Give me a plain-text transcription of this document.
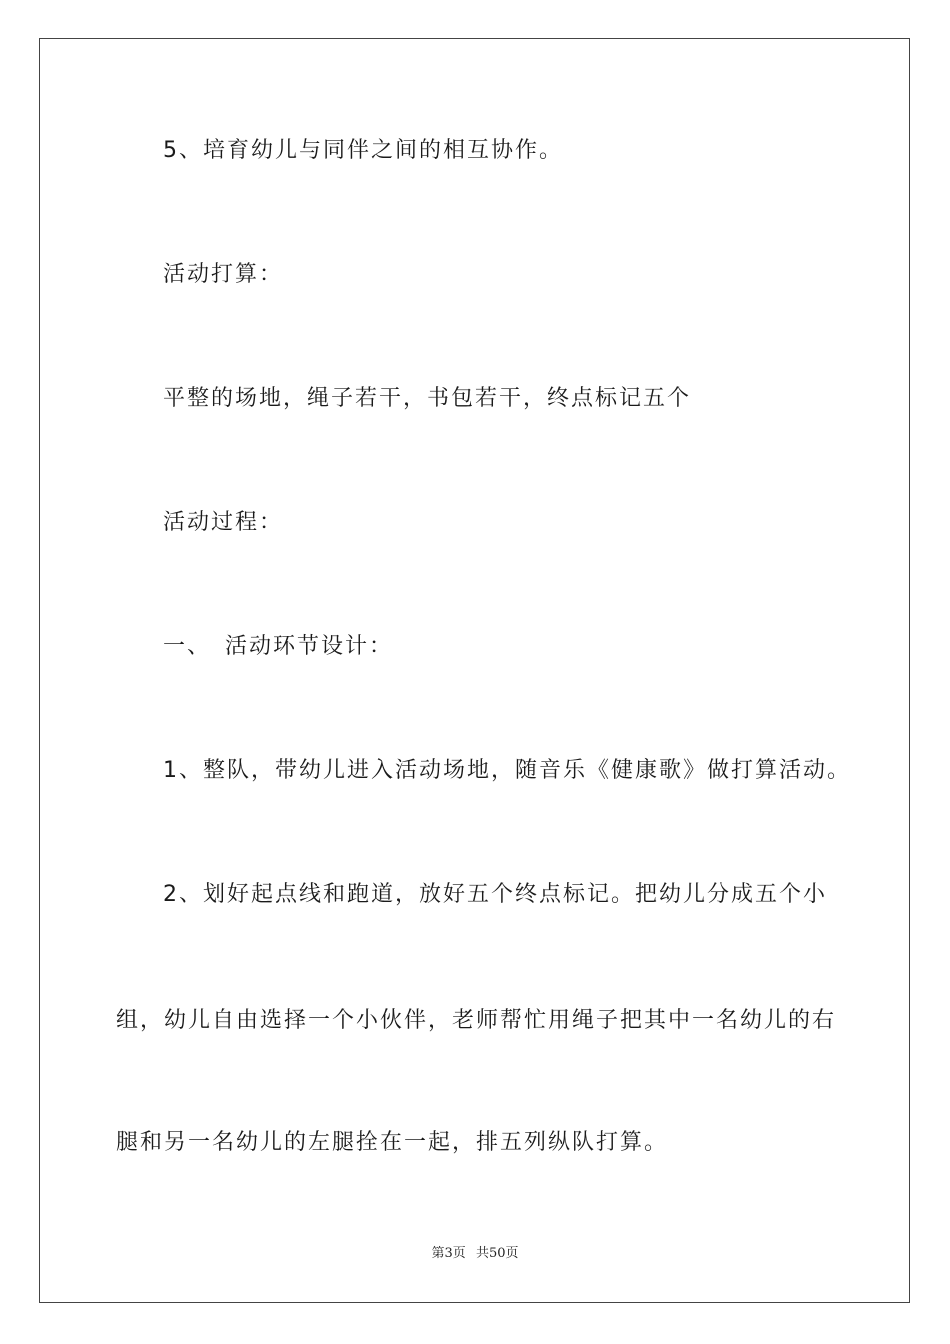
5、培育幼儿与同伴之间的相互协作。
活动打算：
平整的场地，绳子若干，书包若干，终点标记五个
活动过程：
一、 活动环节设计：
1、整队，带幼儿进入活动场地，随音乐《健康歌》做打算活动。
2、划好起点线和跑道，放好五个终点标记。把幼儿分成五个小
组，幼儿自由选择一个小伙伴，老师帮忙用绳子把其中一名幼儿的右
腿和另一名幼儿的左腿拴在一起，排五列纵队打算。
第3页 共50页
